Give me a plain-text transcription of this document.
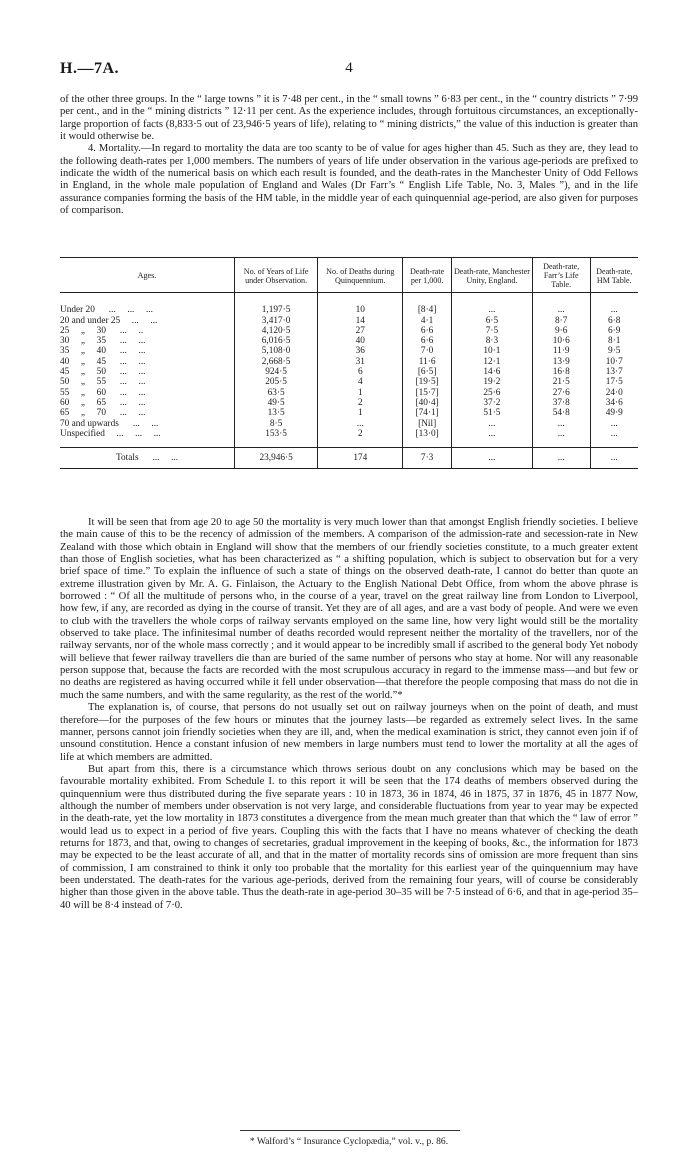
H.—7A.	4

of the other three groups. In the “ large towns ” it is 7·48 per cent., in the “ small towns ” 6·83 per cent., in the “ country districts ” 7·99 per cent., and in the “ mining districts ” 12·11 per cent. As the experience includes, through fortuitous circumstances, an exceptionally-large proportion of facts (8,833·5 out of 23,946·5 years of life), relating to “ mining districts,” the value of this induction is greater than it would otherwise be.

4. Mortality.—In regard to mortality the data are too scanty to be of value for ages higher than 45. Such as they are, they lead to the following death-rates per 1,000 members. The numbers of years of life under observation in the various age-periods are prefixed to indicate the width of the numerical basis on which each result is founded, and the death-rates in the Manchester Unity of Odd Fellows in England, in the whole male population of England and Wales (Dr Farr’s “ English Life Table, No. 3, Males ”), and in the life assurance companies forming the basis of the HM table, in the middle year of each quinquennial age-period, are also given for purposes of comparison.

Ages.	No. of Years of Life under Observation.	No. of Deaths during Quinquennium.	Death-rate per 1,000.	Death-rate, Manchester Unity, England.	Death-rate, Farr’s Life Table.	Death-rate, HM Table.
Under 20      ...     ...     ...	1,197·5	10	[8·4]	...	...	...
20 and under 25     ...     ...	3,417·0	14	4·1	6·5	8·7	6·8
25     „     30      ...     ..	4,120·5	27	6·6	7·5	9·6	6·9
30     „     35      ...     ...	6,016·5	40	6·6	8·3	10·6	8·1
35     „     40      ...     ...	5,108·0	36	7·0	10·1	11·9	9·5
40     „     45      ...     ...	2,668·5	31	11·6	12·1	13·9	10·7
45     „     50      ...     ...	924·5	6	[6·5]	14·6	16·8	13·7
50     „     55      ...     ...	205·5	4	[19·5]	19·2	21·5	17·5
55     „     60      ...     ...	63·5	1	[15·7]	25·6	27·6	24·0
60     „     65      ...     ...	49·5	2	[40·4]	37·2	37·8	34·6
65     „     70      ...     ...	13·5	1	[74·1]	51·5	54·8	49·9
70 and upwards      ...     ...	8·5	...	[Nil]	...	...	...
Unspecified     ...     ...     ...	153·5	2	[13·0]	...	...	...
Totals      ...     ...	23,946·5	174	7·3	...	...	...

It will be seen that from age 20 to age 50 the mortality is very much lower than that amongst English friendly societies. I believe the main cause of this to be the recency of admission of the members. A comparison of the admission-rate and secession-rate in New Zealand with those which obtain in England will show that the members of our friendly societies constitute, to a much greater extent than those of English societies, what has been characterized as “ a shifting population, which is subject to observation but for a very brief space of time.” To explain the influence of such a state of things on the observed death-rate, I cannot do better than quote an extreme illustration given by Mr. A. G. Finlaison, the Actuary to the English National Debt Office, from whom the above phrase is borrowed : “ Of all the multitude of persons who, in the course of a year, travel on the great railway line from London to Liverpool, how few, if any, are recorded as dying in the course of transit. Yet they are of all ages, and are a vast body of people. And were we even to club with the travellers the whole corps of railway servants employed on the same line, how very light would still be the mortality observed to take place. The infinitesimal number of deaths recorded would represent neither the mortality of the travellers, nor of the railway servants, nor of the whole mass correctly ; and it would appear to be incredibly small if ascribed to the general body Yet nobody will believe that fewer railway travellers die than are buried of the same number of persons who stay at home. Nor will any reasonable person suppose that, because the facts are recorded with the most scrupulous accuracy in regard to the immense mass—and but few or no deaths are registered as having occurred while it fell under observation—that therefore the people composing that mass do not die in much the same numbers, and with the same regularity, as the rest of the world.”*

The explanation is, of course, that persons do not usually set out on railway journeys when on the point of death, and must therefore—for the purposes of the few hours or minutes that the journey lasts—be regarded as extremely select lives. In the same manner, persons cannot join friendly societies when they are ill, and, when the medical examination is strict, they cannot even join if of unsound constitution. Hence a constant infusion of new members in large numbers must tend to lower the mortality at all the ages of life at which members are admitted.

But apart from this, there is a circumstance which throws serious doubt on any conclusions which may be based on the favourable mortality exhibited. From Schedule I. to this report it will be seen that the 174 deaths of members observed during the quinquennium were thus distributed during the five separate years : 10 in 1873, 36 in 1874, 46 in 1875, 37 in 1876, 45 in 1877 Now, although the number of members under observation is not very large, and considerable fluctuations from year to year may be expected in the death-rate, yet the low mortality in 1873 constitutes a divergence from the mean much greater than that which the “ law of error ” would lead us to expect in a period of five years. Coupling this with the facts that I have no means whatever of checking the death returns for 1873, and that, owing to changes of secretaries, gradual improvement in the keeping of books, &c., the information for 1873 may be expected to be the least accurate of all, and that in the matter of mortality records sins of omission are more frequent than sins of commission, I am constrained to think it only too probable that the mortality for this earliest year of the quinquennium may have been understated. The death-rates for the various age-periods, derived from the remaining four years, will of course be considerably higher than those given in the above table. Thus the death-rate in age-period 30–35 will be 7·5 instead of 6·6, and that in age-period 35–40 will be 8·4 instead of 7·0.

* Walford’s “ Insurance Cyclopædia,” vol. v., p. 86.
